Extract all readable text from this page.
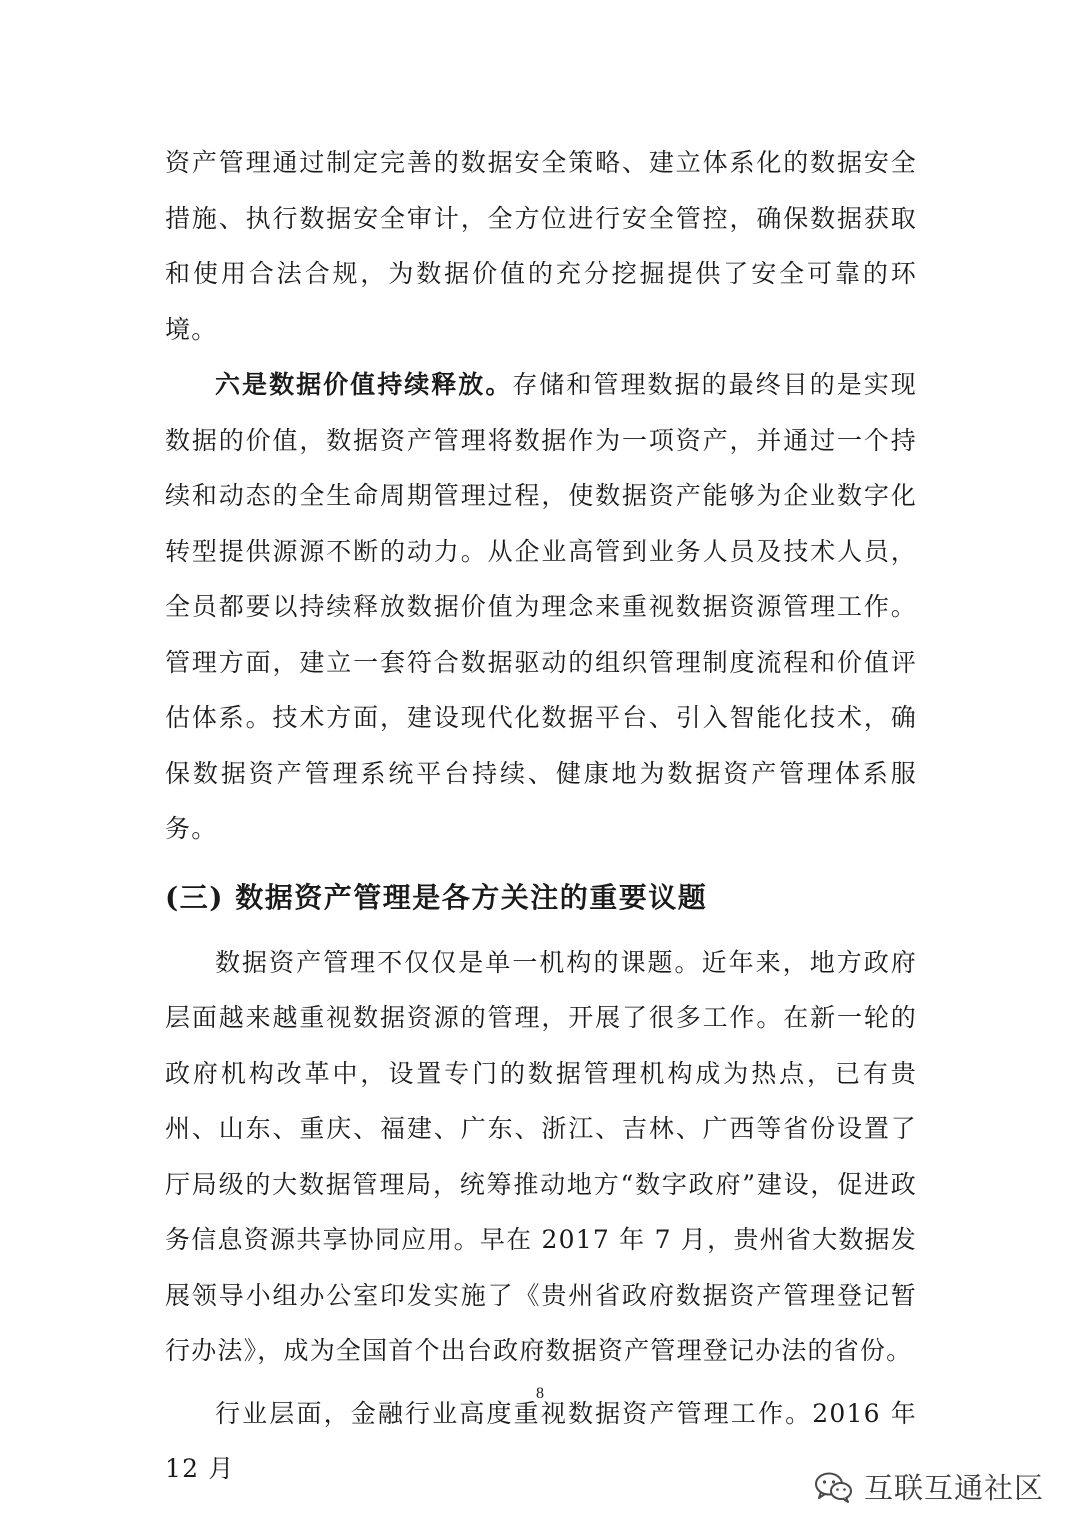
资产管理通过制定完善的数据安全策略、建立体系化的数据安全措施、执行数据安全审计，全方位进行安全管控，确保数据获取和使用合法合规，为数据价值的充分挖掘提供了安全可靠的环境。

六是数据价值持续释放。存储和管理数据的最终目的是实现数据的价值，数据资产管理将数据作为一项资产，并通过一个持续和动态的全生命周期管理过程，使数据资产能够为企业数字化转型提供源源不断的动力。从企业高管到业务人员及技术人员，全员都要以持续释放数据价值为理念来重视数据资源管理工作。管理方面，建立一套符合数据驱动的组织管理制度流程和价值评估体系。技术方面，建设现代化数据平台、引入智能化技术，确保数据资产管理系统平台持续、健康地为数据资产管理体系服务。

(三) 数据资产管理是各方关注的重要议题

数据资产管理不仅仅是单一机构的课题。近年来，地方政府层面越来越重视数据资源的管理，开展了很多工作。在新一轮的政府机构改革中，设置专门的数据管理机构成为热点，已有贵州、山东、重庆、福建、广东、浙江、吉林、广西等省份设置了厅局级的大数据管理局，统筹推动地方“数字政府”建设，促进政务信息资源共享协同应用。早在 2017 年 7 月，贵州省大数据发展领导小组办公室印发实施了《贵州省政府数据资产管理登记暂行办法》，成为全国首个出台政府数据资产管理登记办法的省份。

行业层面，金融行业高度重视数据资产管理工作。2016 年 12 月

8
互联互通社区
